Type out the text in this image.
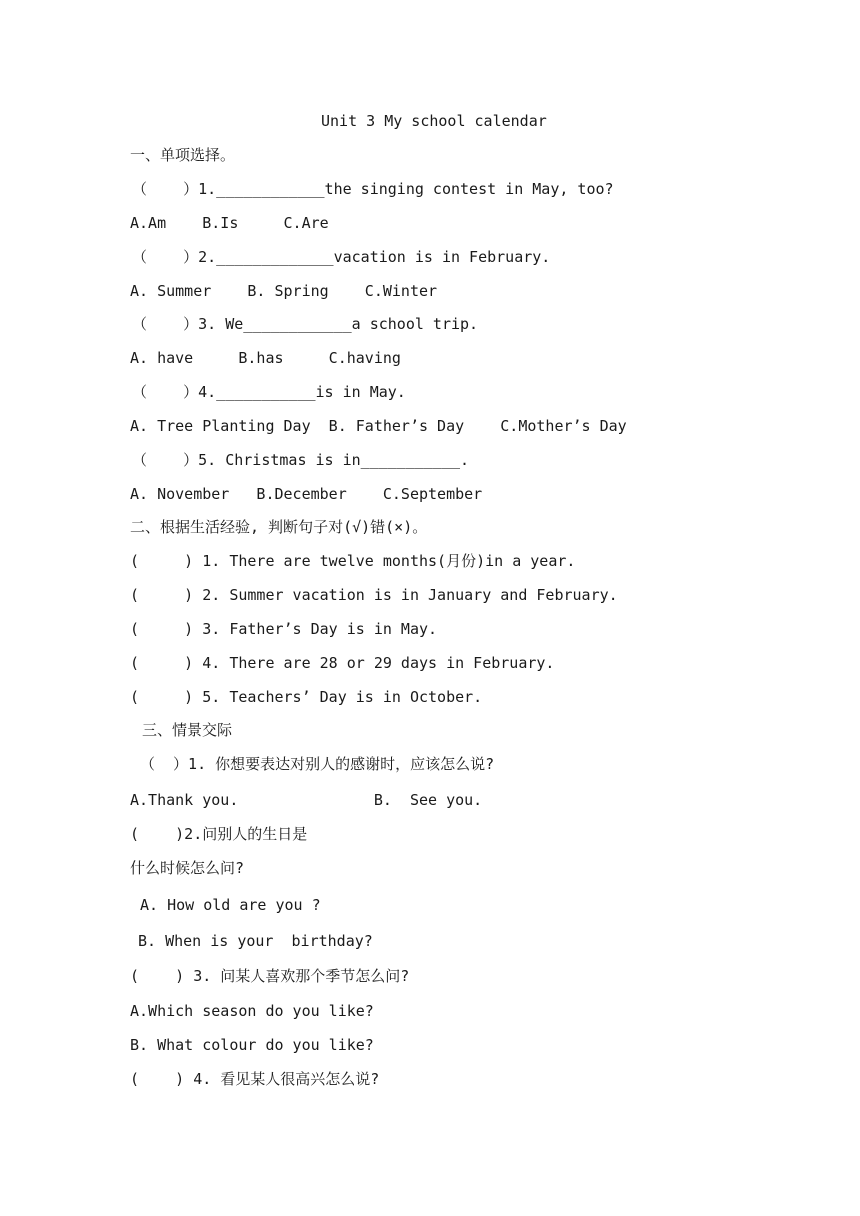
Unit 3 My school calendar
一、单项选择。
（    ）1.____________the singing contest in May, too?
A.Am    B.Is     C.Are
（    ）2._____________vacation is in February.
A. Summer    B. Spring    C.Winter
（    ）3. We____________a school trip.
A. have     B.has     C.having
（    ）4.___________is in May.
A. Tree Planting Day  B. Father’s Day    C.Mother’s Day
（    ）5. Christmas is in___________.
A. November   B.December    C.September
二、根据生活经验, 判断句子对(√)错(×)。
(     ) 1. There are twelve months(月份)in a year.
(     ) 2. Summer vacation is in January and February.
(     ) 3. Father’s Day is in May.
(     ) 4. There are 28 or 29 days in February.
(     ) 5. Teachers’ Day is in October.
三、情景交际
（  ）1. 你想要表达对别人的感谢时，应该怎么说?
A.Thank you.               B.  See you.
(    )2.问别人的生日是
什么时候怎么问?
A. How old are you ?
B. When is your  birthday?
(    ) 3. 问某人喜欢那个季节怎么问?
A.Which season do you like?
B. What colour do you like?
(    ) 4. 看见某人很高兴怎么说?
